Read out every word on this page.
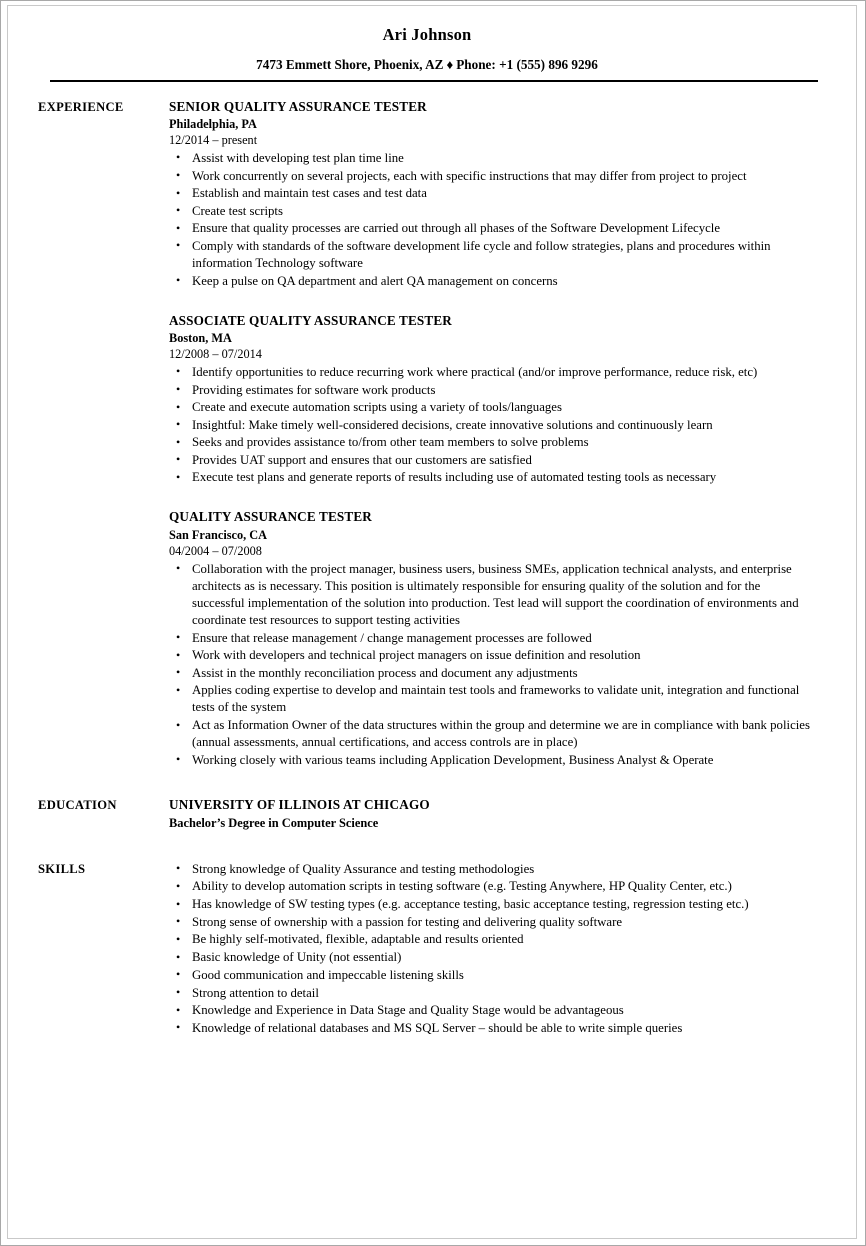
Ari Johnson
7473 Emmett Shore, Phoenix, AZ ♦ Phone: +1 (555) 896 9296
EXPERIENCE	SENIOR QUALITY ASSURANCE TESTER
Philadelphia, PA
12/2014 – present
• Assist with developing test plan time line
• Work concurrently on several projects, each with specific instructions that may differ from project to project
• Establish and maintain test cases and test data
• Create test scripts
• Ensure that quality processes are carried out through all phases of the Software Development Lifecycle
• Comply with standards of the software development life cycle and follow strategies, plans and procedures within information Technology software
• Keep a pulse on QA department and alert QA management on concerns
ASSOCIATE QUALITY ASSURANCE TESTER
Boston, MA
12/2008 – 07/2014
• Identify opportunities to reduce recurring work where practical (and/or improve performance, reduce risk, etc)
• Providing estimates for software work products
• Create and execute automation scripts using a variety of tools/languages
• Insightful: Make timely well-considered decisions, create innovative solutions and continuously learn
• Seeks and provides assistance to/from other team members to solve problems
• Provides UAT support and ensures that our customers are satisfied
• Execute test plans and generate reports of results including use of automated testing tools as necessary
QUALITY ASSURANCE TESTER
San Francisco, CA
04/2004 – 07/2008
• Collaboration with the project manager, business users, business SMEs, application technical analysts, and enterprise architects as is necessary. This position is ultimately responsible for ensuring quality of the solution and for the successful implementation of the solution into production. Test lead will support the coordination of environments and coordinate test resources to support testing activities
• Ensure that release management / change management processes are followed
• Work with developers and technical project managers on issue definition and resolution
• Assist in the monthly reconciliation process and document any adjustments
• Applies coding expertise to develop and maintain test tools and frameworks to validate unit, integration and functional tests of the system
• Act as Information Owner of the data structures within the group and determine we are in compliance with bank policies (annual assessments, annual certifications, and access controls are in place)
• Working closely with various teams including Application Development, Business Analyst & Operate
EDUCATION	UNIVERSITY OF ILLINOIS AT CHICAGO
Bachelor’s Degree in Computer Science
SKILLS	• Strong knowledge of Quality Assurance and testing methodologies
• Ability to develop automation scripts in testing software (e.g. Testing Anywhere, HP Quality Center, etc.)
• Has knowledge of SW testing types (e.g. acceptance testing, basic acceptance testing, regression testing etc.)
• Strong sense of ownership with a passion for testing and delivering quality software
• Be highly self-motivated, flexible, adaptable and results oriented
• Basic knowledge of Unity (not essential)
• Good communication and impeccable listening skills
• Strong attention to detail
• Knowledge and Experience in Data Stage and Quality Stage would be advantageous
• Knowledge of relational databases and MS SQL Server – should be able to write simple queries
